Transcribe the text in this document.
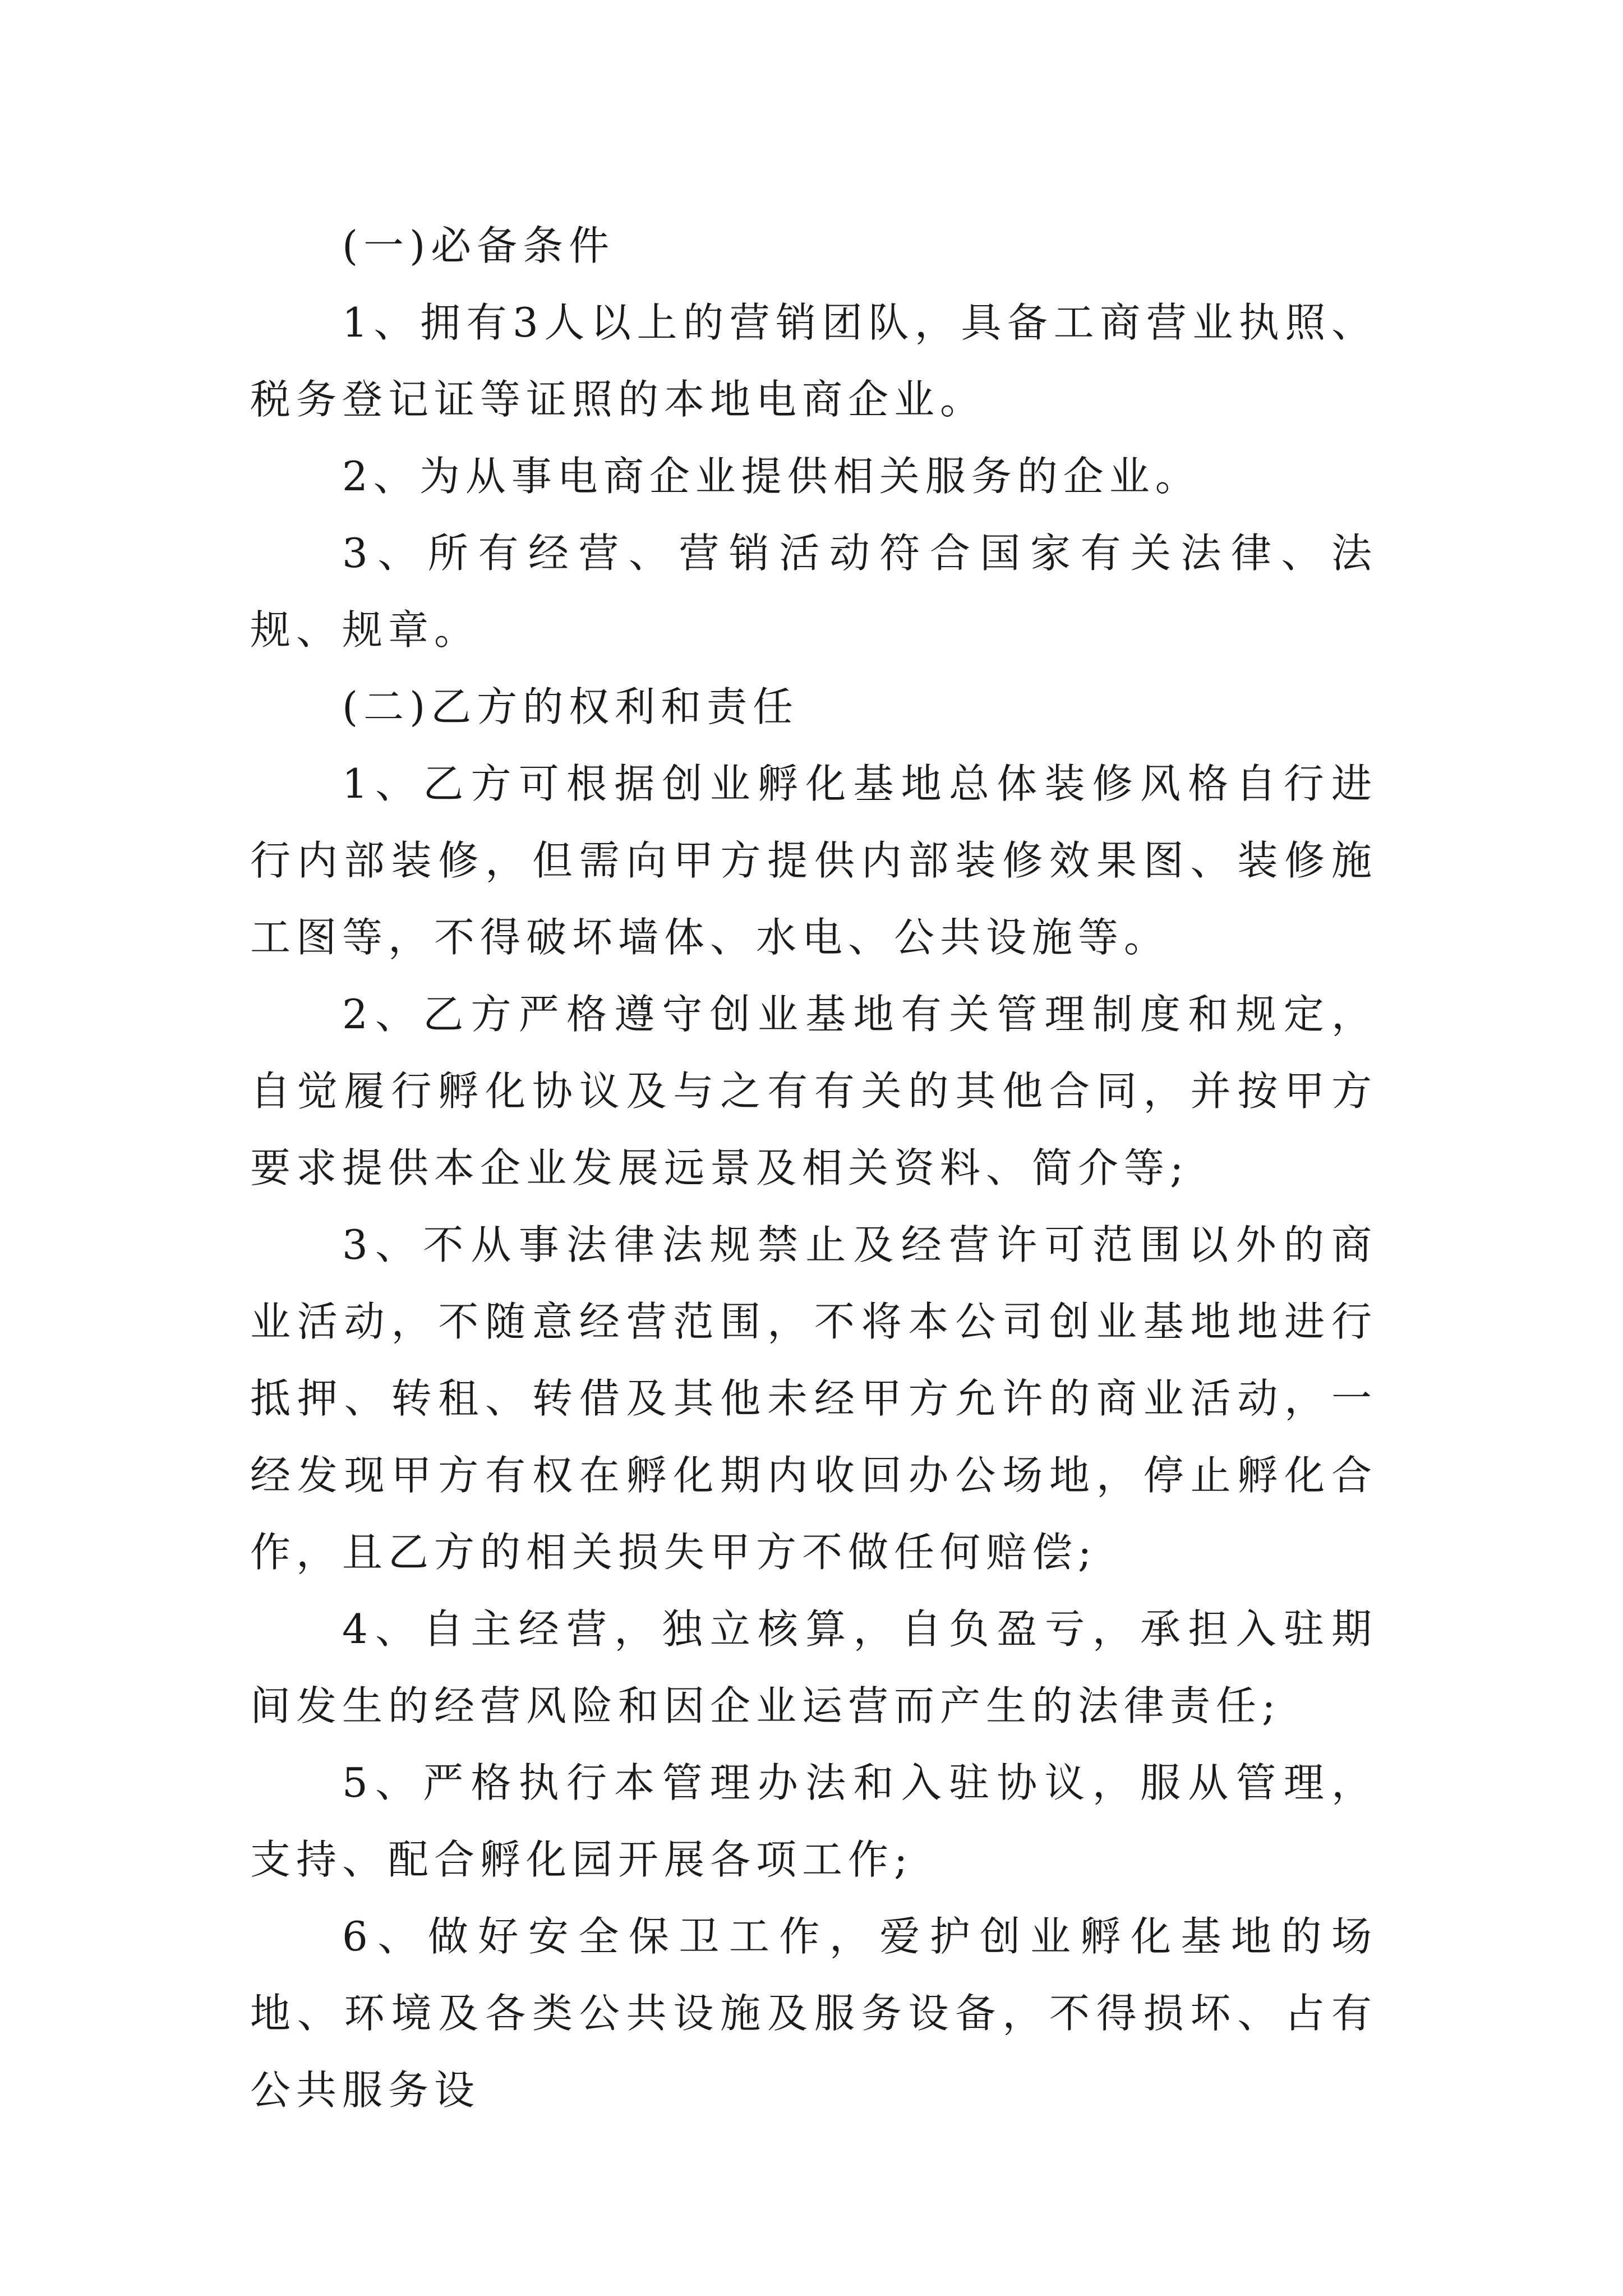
(一)必备条件

1、拥有3人以上的营销团队，具备工商营业执照、税务登记证等证照的本地电商企业。

2、为从事电商企业提供相关服务的企业。

3、所有经营、营销活动符合国家有关法律、法规、规章。

(二)乙方的权利和责任

1、乙方可根据创业孵化基地总体装修风格自行进行内部装修，但需向甲方提供内部装修效果图、装修施工图等，不得破坏墙体、水电、公共设施等。

2、乙方严格遵守创业基地有关管理制度和规定，自觉履行孵化协议及与之有有关的其他合同，并按甲方要求提供本企业发展远景及相关资料、简介等;

3、不从事法律法规禁止及经营许可范围以外的商业活动，不随意经营范围，不将本公司创业基地地进行抵押、转租、转借及其他未经甲方允许的商业活动，一经发现甲方有权在孵化期内收回办公场地，停止孵化合作，且乙方的相关损失甲方不做任何赔偿;

4、自主经营，独立核算，自负盈亏，承担入驻期间发生的经营风险和因企业运营而产生的法律责任;

5、严格执行本管理办法和入驻协议，服从管理，支持、配合孵化园开展各项工作;

6、做好安全保卫工作，爱护创业孵化基地的场地、环境及各类公共设施及服务设备，不得损坏、占有公共服务设
